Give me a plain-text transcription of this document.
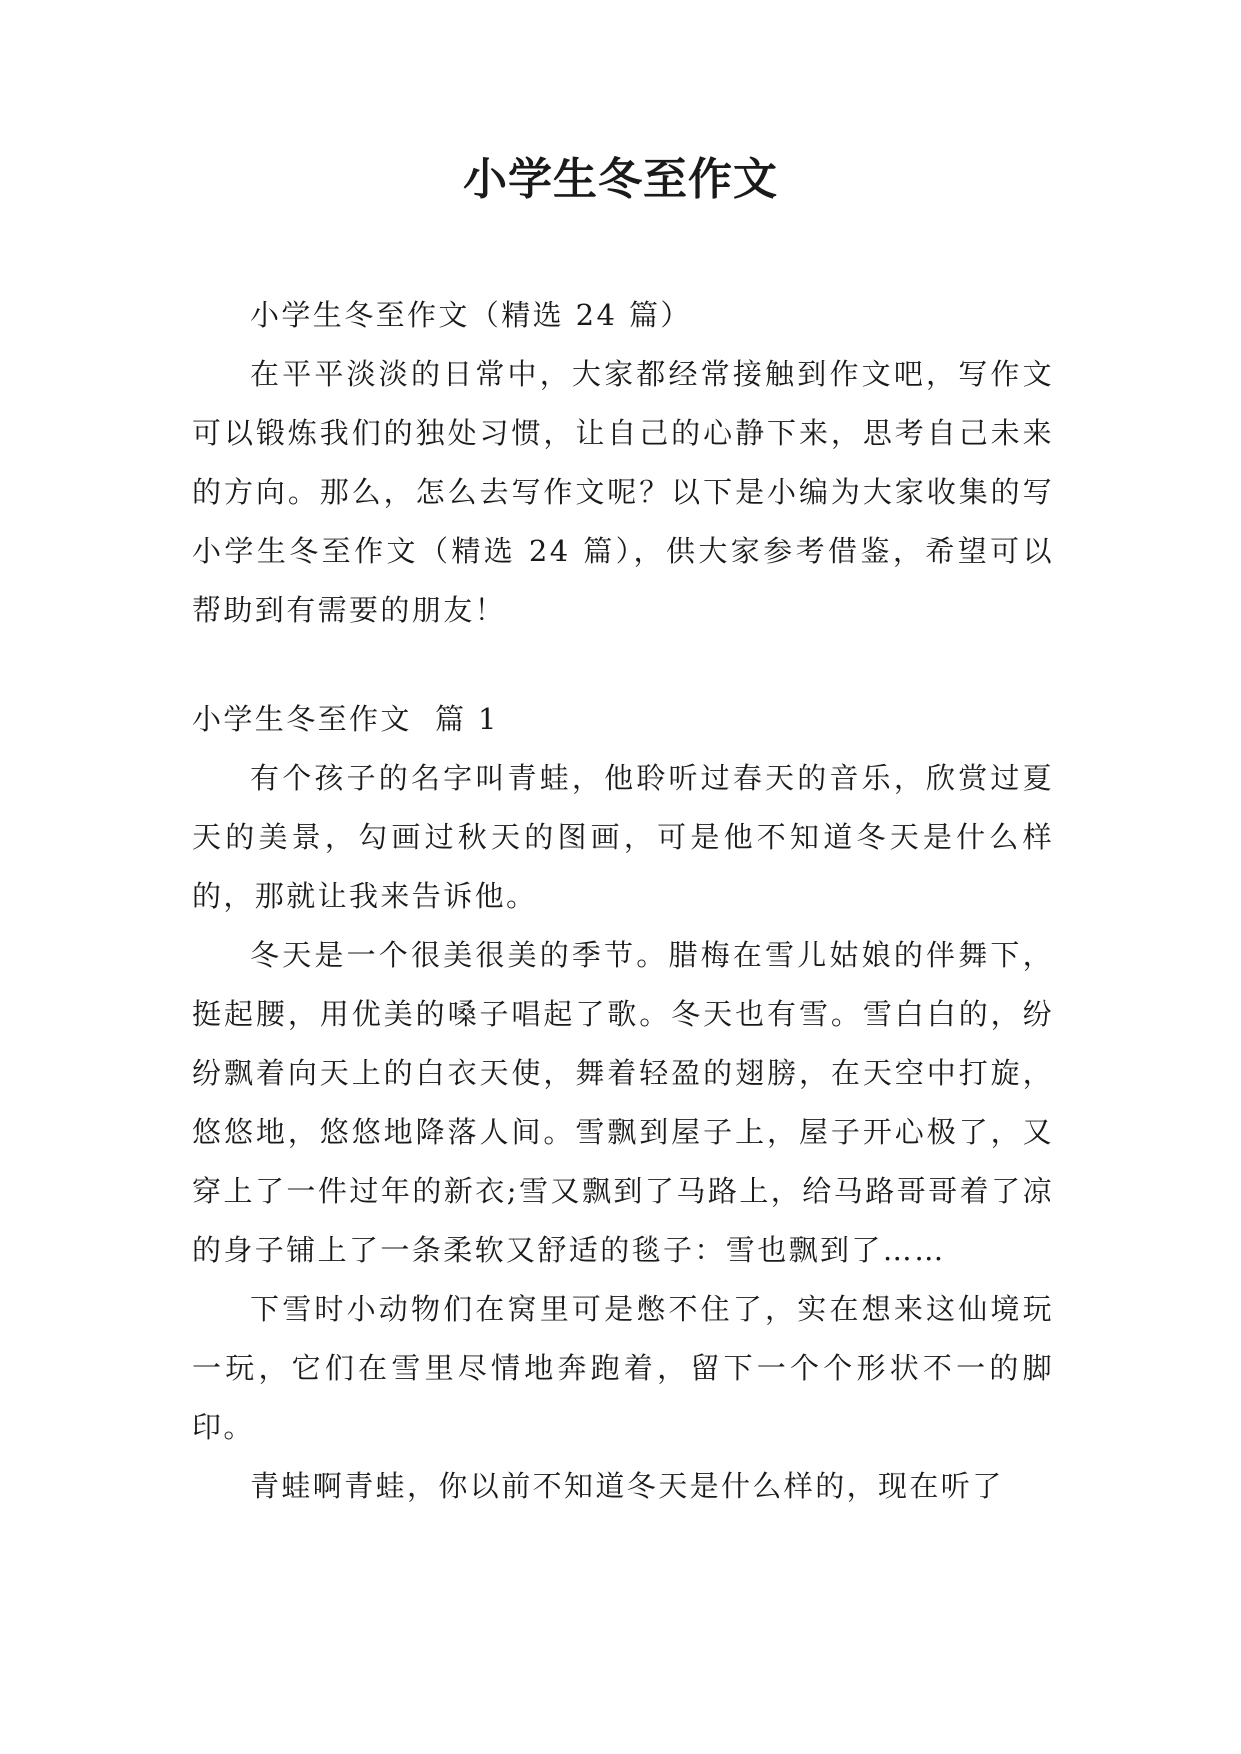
小学生冬至作文

小学生冬至作文（精选 24 篇）

在平平淡淡的日常中，大家都经常接触到作文吧，写作文可以锻炼我们的独处习惯，让自己的心静下来，思考自己未来的方向。那么，怎么去写作文呢？以下是小编为大家收集的写小学生冬至作文（精选 24 篇），供大家参考借鉴，希望可以帮助到有需要的朋友！

小学生冬至作文  篇 1

有个孩子的名字叫青蛙，他聆听过春天的音乐，欣赏过夏天的美景，勾画过秋天的图画，可是他不知道冬天是什么样的，那就让我来告诉他。

冬天是一个很美很美的季节。腊梅在雪儿姑娘的伴舞下，挺起腰，用优美的嗓子唱起了歌。冬天也有雪。雪白白的，纷纷飘着向天上的白衣天使，舞着轻盈的翅膀，在天空中打旋，悠悠地，悠悠地降落人间。雪飘到屋子上，屋子开心极了，又穿上了一件过年的新衣;雪又飘到了马路上，给马路哥哥着了凉的身子铺上了一条柔软又舒适的毯子：雪也飘到了……

下雪时小动物们在窝里可是憋不住了，实在想来这仙境玩一玩，它们在雪里尽情地奔跑着，留下一个个形状不一的脚印。

青蛙啊青蛙，你以前不知道冬天是什么样的，现在听了
